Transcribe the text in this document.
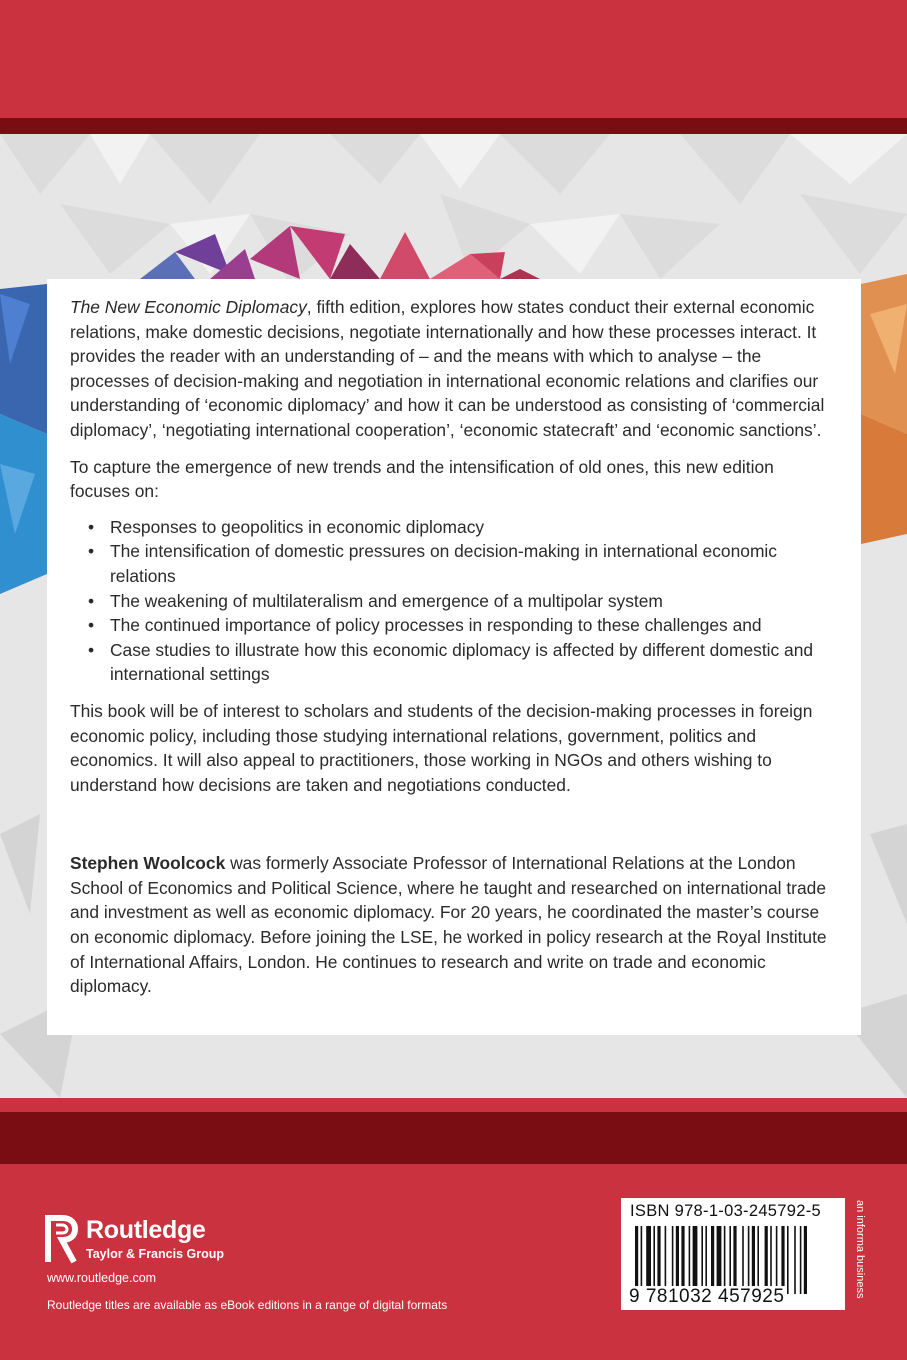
The New Economic Diplomacy, fifth edition, explores how states conduct their external economic relations, make domestic decisions, negotiate internationally and how these processes interact. It provides the reader with an understanding of – and the means with which to analyse – the processes of decision-making and negotiation in international economic relations and clarifies our understanding of ‘economic diplomacy’ and how it can be understood as consisting of ‘commercial diplomacy’, ‘negotiating international cooperation’, ‘economic statecraft’ and ‘economic sanctions’.

To capture the emergence of new trends and the intensification of old ones, this new edition focuses on:

• Responses to geopolitics in economic diplomacy
• The intensification of domestic pressures on decision-making in international economic relations
• The weakening of multilateralism and emergence of a multipolar system
• The continued importance of policy processes in responding to these challenges and
• Case studies to illustrate how this economic diplomacy is affected by different domestic and international settings

This book will be of interest to scholars and students of the decision-making processes in foreign economic policy, including those studying international relations, government, politics and economics. It will also appeal to practitioners, those working in NGOs and others wishing to understand how decisions are taken and negotiations conducted.

Stephen Woolcock was formerly Associate Professor of International Relations at the London School of Economics and Political Science, where he taught and researched on international trade and investment as well as economic diplomacy. For 20 years, he coordinated the master’s course on economic diplomacy. Before joining the LSE, he worked in policy research at the Royal Institute of International Affairs, London. He continues to research and write on trade and economic diplomacy.

Routledge
Taylor & Francis Group
www.routledge.com
Routledge titles are available as eBook editions in a range of digital formats
ISBN 978-1-03-245792-5
9 781032 457925	an informa business
